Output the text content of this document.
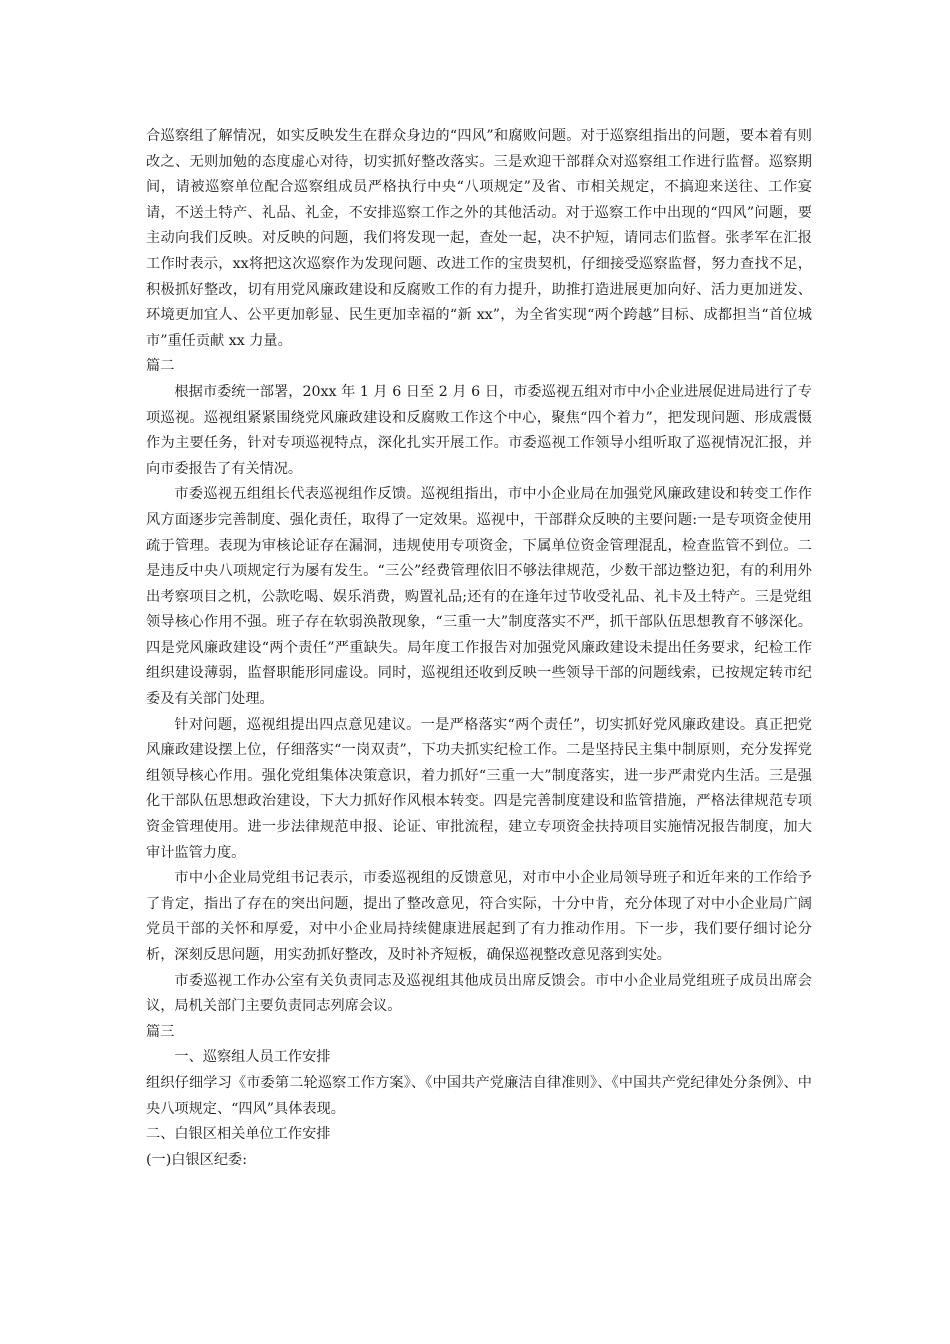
合巡察组了解情况，如实反映发生在群众身边的“四风”和腐败问题。对于巡察组指出的问题，要本着有则改之、无则加勉的态度虚心对待，切实抓好整改落实。三是欢迎干部群众对巡察组工作进行监督。巡察期间，请被巡察单位配合巡察组成员严格执行中央“八项规定”及省、市相关规定，不搞迎来送往、工作宴请，不送土特产、礼品、礼金，不安排巡察工作之外的其他活动。对于巡察工作中出现的“四风”问题，要主动向我们反映。对反映的问题，我们将发现一起，查处一起，决不护短，请同志们监督。张孝军在汇报工作时表示，xx将把这次巡察作为发现问题、改进工作的宝贵契机，仔细接受巡察监督，努力查找不足，积极抓好整改，切有用党风廉政建设和反腐败工作的有力提升，助推打造进展更加向好、活力更加迸发、环境更加宜人、公平更加彰显、民生更加幸福的“新 xx”，为全省实现“两个跨越”目标、成都担当“首位城市”重任贡献 xx 力量。

篇二

根据市委统一部署，20xx 年 1 月 6 日至 2 月 6 日，市委巡视五组对市中小企业进展促进局进行了专项巡视。巡视组紧紧围绕党风廉政建设和反腐败工作这个中心，聚焦“四个着力”，把发现问题、形成震慑作为主要任务，针对专项巡视特点，深化扎实开展工作。市委巡视工作领导小组听取了巡视情况汇报，并向市委报告了有关情况。

市委巡视五组组长代表巡视组作反馈。巡视组指出，市中小企业局在加强党风廉政建设和转变工作作风方面逐步完善制度、强化责任，取得了一定效果。巡视中，干部群众反映的主要问题:一是专项资金使用疏于管理。表现为审核论证存在漏洞，违规使用专项资金，下属单位资金管理混乱，检查监管不到位。二是违反中央八项规定行为屡有发生。“三公”经费管理依旧不够法律规范，少数干部边整边犯，有的利用外出考察项目之机，公款吃喝、娱乐消费，购置礼品;还有的在逢年过节收受礼品、礼卡及土特产。三是党组领导核心作用不强。班子存在软弱涣散现象，“三重一大”制度落实不严，抓干部队伍思想教育不够深化。四是党风廉政建设“两个责任”严重缺失。局年度工作报告对加强党风廉政建设未提出任务要求，纪检工作组织建设薄弱，监督职能形同虚设。同时，巡视组还收到反映一些领导干部的问题线索，已按规定转市纪委及有关部门处理。

针对问题，巡视组提出四点意见建议。一是严格落实“两个责任”，切实抓好党风廉政建设。真正把党风廉政建设摆上位，仔细落实“一岗双责”，下功夫抓实纪检工作。二是坚持民主集中制原则，充分发挥党组领导核心作用。强化党组集体决策意识，着力抓好“三重一大”制度落实，进一步严肃党内生活。三是强化干部队伍思想政治建设，下大力抓好作风根本转变。四是完善制度建设和监管措施，严格法律规范专项资金管理使用。进一步法律规范申报、论证、审批流程，建立专项资金扶持项目实施情况报告制度，加大审计监管力度。

市中小企业局党组书记表示，市委巡视组的反馈意见，对市中小企业局领导班子和近年来的工作给予了肯定，指出了存在的突出问题，提出了整改意见，符合实际，十分中肯，充分体现了对中小企业局广阔党员干部的关怀和厚爱，对中小企业局持续健康进展起到了有力推动作用。下一步，我们要仔细讨论分析，深刻反思问题，用实劲抓好整改，及时补齐短板，确保巡视整改意见落到实处。

市委巡视工作办公室有关负责同志及巡视组其他成员出席反馈会。市中小企业局党组班子成员出席会议，局机关部门主要负责同志列席会议。

篇三

一、巡察组人员工作安排

组织仔细学习《市委第二轮巡察工作方案》、《中国共产党廉洁自律准则》、《中国共产党纪律处分条例》、中央八项规定、“四风”具体表现。

二、白银区相关单位工作安排

(一)白银区纪委:
